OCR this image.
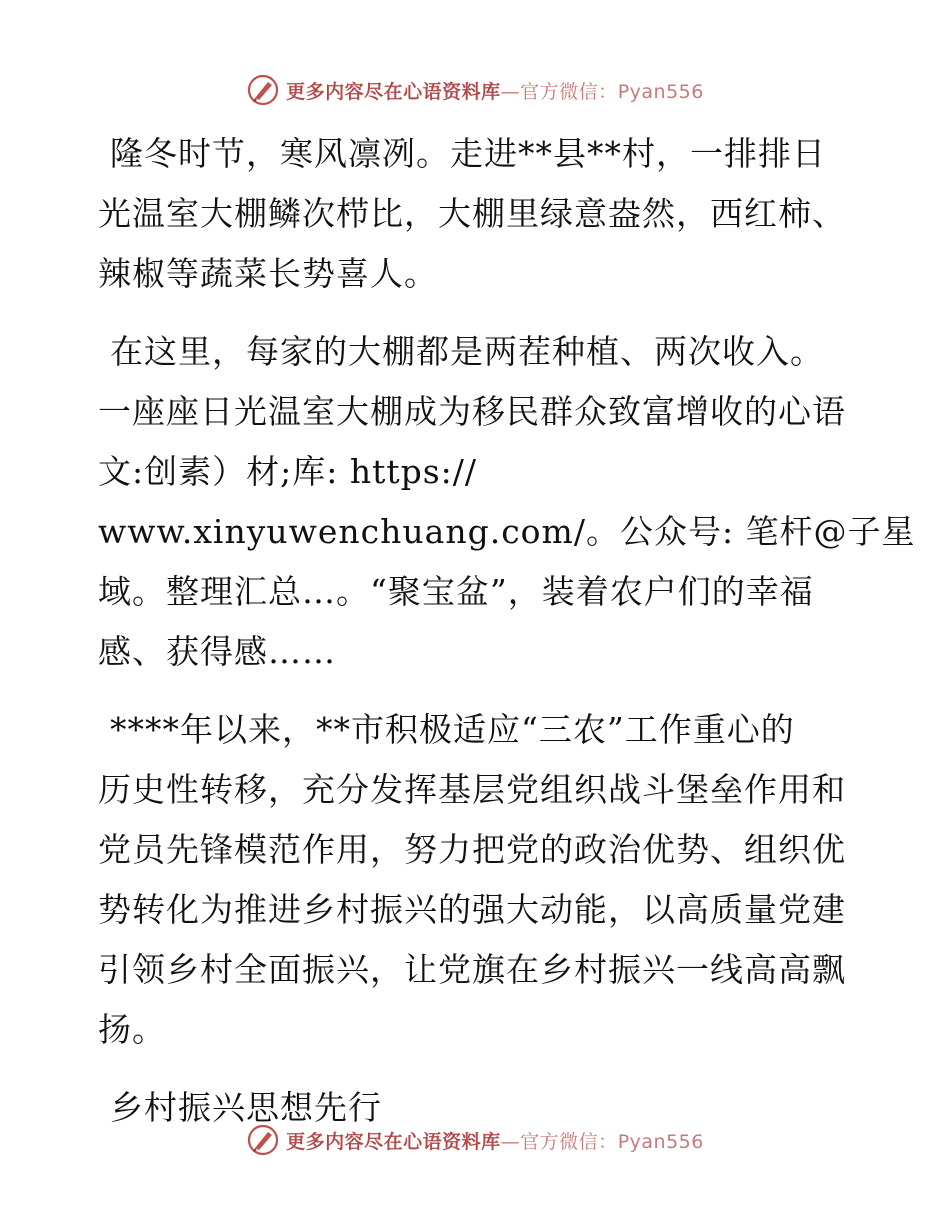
更多内容尽在心语资料库—官方微信：Pyan556

隆冬时节，寒风凛冽。走进**县**村，一排排日
光温室大棚鳞次栉比，大棚里绿意盎然，西红柿、
辣椒等蔬菜长势喜人。

在这里，每家的大棚都是两茬种植、两次收入。
一座座日光温室大棚成为移民群众致富增收的心语
文:创素）材;库: https://
www.xinyuwenchuang.com/。公众号: 笔杆@子星
域。整理汇总…。“聚宝盆”，装着农户们的幸福
感、获得感……

****年以来，**市积极适应“三农”工作重心的
历史性转移，充分发挥基层党组织战斗堡垒作用和
党员先锋模范作用，努力把党的政治优势、组织优
势转化为推进乡村振兴的强大动能，以高质量党建
引领乡村全面振兴，让党旗在乡村振兴一线高高飘
扬。

乡村振兴思想先行

更多内容尽在心语资料库—官方微信：Pyan556
